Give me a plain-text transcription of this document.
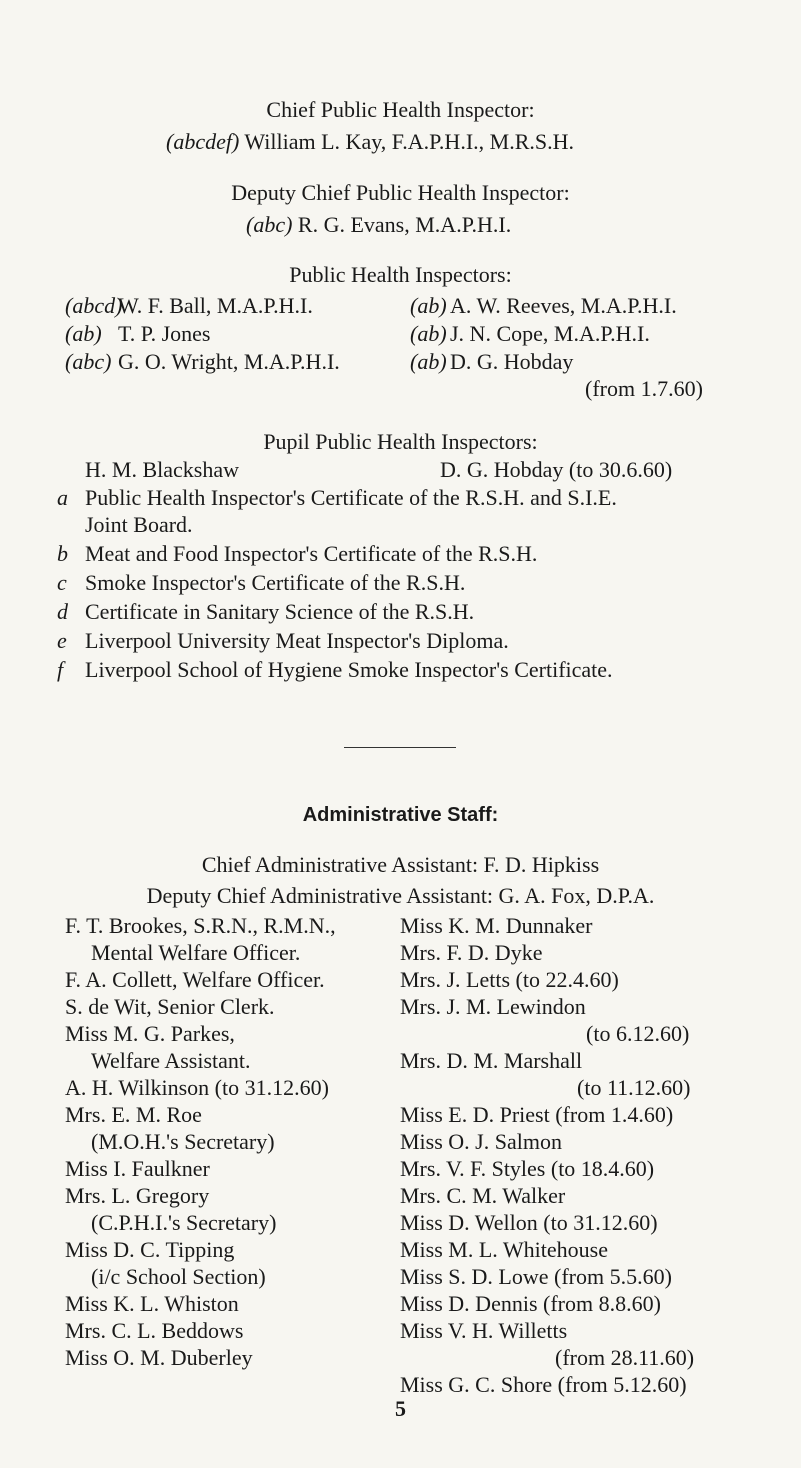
Chief Public Health Inspector:
(abcdef) William L. Kay, F.A.P.H.I., M.R.S.H.
Deputy Chief Public Health Inspector:
(abc) R. G. Evans, M.A.P.H.I.
Public Health Inspectors:
(abcd)
W. F. Ball, M.A.P.H.I.
(ab) T. P. Jones
(abc) G. O. Wright, M.A.P.H.I.
(ab) A. W. Reeves, M.A.P.H.I.
(ab) J. N. Cope, M.A.P.H.I.
(ab) D. G. Hobday
(from 1.7.60)
Pupil Public Health Inspectors:
H. M. Blackshaw	D. G. Hobday (to 30.6.60)
a Public Health Inspector's Certificate of the R.S.H. and S.I.E.
Joint Board.
b Meat and Food Inspector's Certificate of the R.S.H.
c Smoke Inspector's Certificate of the R.S.H.
d Certificate in Sanitary Science of the R.S.H.
e Liverpool University Meat Inspector's Diploma.
f Liverpool School of Hygiene Smoke Inspector's Certificate.
Administrative Staff:
Chief Administrative Assistant: F. D. Hipkiss
Deputy Chief Administrative Assistant: G. A. Fox, D.P.A.
F. T. Brookes, S.R.N., R.M.N.,
Mental Welfare Officer.
F. A. Collett, Welfare Officer.
S. de Wit, Senior Clerk.
Miss M. G. Parkes,
Welfare Assistant.
A. H. Wilkinson (to 31.12.60)
Mrs. E. M. Roe
(M.O.H.'s Secretary)
Miss I. Faulkner
Mrs. L. Gregory
(C.P.H.I.'s Secretary)
Miss D. C. Tipping
(i/c School Section)
Miss K. L. Whiston
Mrs. C. L. Beddows
Miss O. M. Duberley
Miss K. M. Dunnaker
Mrs. F. D. Dyke
Mrs. J. Letts (to 22.4.60)
Mrs. J. M. Lewindon
(to 6.12.60)
Mrs. D. M. Marshall
(to 11.12.60)
Miss E. D. Priest (from 1.4.60)
Miss O. J. Salmon
Mrs. V. F. Styles (to 18.4.60)
Mrs. C. M. Walker
Miss D. Wellon (to 31.12.60)
Miss M. L. Whitehouse
Miss S. D. Lowe (from 5.5.60)
Miss D. Dennis (from 8.8.60)
Miss V. H. Willetts
(from 28.11.60)
Miss G. C. Shore (from 5.12.60)
5
